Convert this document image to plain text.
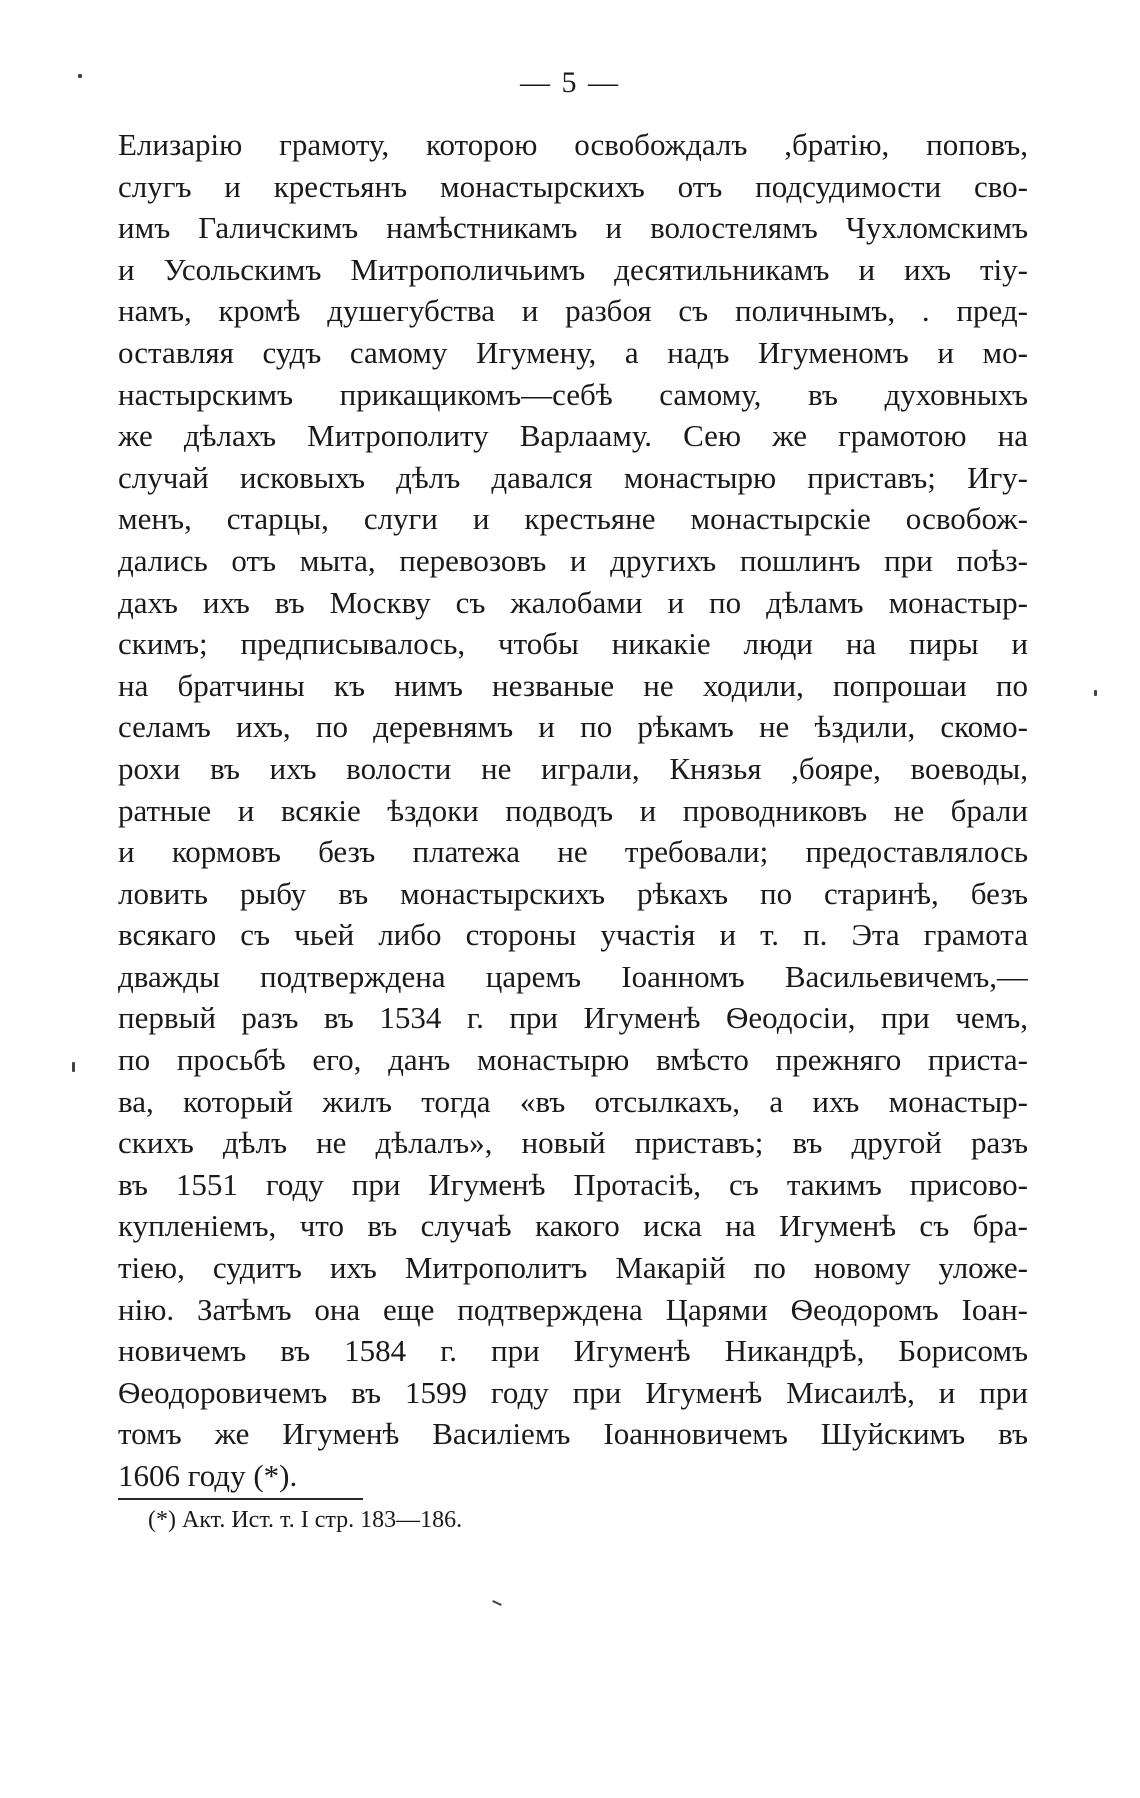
— 5 —
Елизарію грамоту, которою освобождалъ ,братію, поповъ,
слугъ и крестьянъ монастырскихъ отъ подсудимости сво-
имъ Галичскимъ намѣстникамъ и волостелямъ Чухломскимъ
и Усольскимъ Митрополичьимъ десятильникамъ и ихъ тіу-
намъ, кромѣ душегубства и разбоя съ поличнымъ, . пред-
оставляя судъ самому Игумену, а надъ Игуменомъ и мо-
настырскимъ прикащикомъ—себѣ самому, въ духовныхъ
же дѣлахъ Митрополиту Варлааму. Сею же грамотою на
случай исковыхъ дѣлъ давался монастырю приставъ; Игу-
менъ, старцы, слуги и крестьяне монастырскіе освобож-
дались отъ мыта, перевозовъ и другихъ пошлинъ при поѣз-
дахъ ихъ въ Москву съ жалобами и по дѣламъ монастыр-
скимъ; предписывалось, чтобы никакіе люди на пиры и
на братчины къ нимъ незваные не ходили, попрошаи по
селамъ ихъ, по деревнямъ и по рѣкамъ не ѣздили, скомо-
рохи въ ихъ волости не играли, Князья ,бояре, воеводы,
ратные и всякіе ѣздоки подводъ и проводниковъ не брали
и кормовъ безъ платежа не требовали; предоставлялось
ловить рыбу въ монастырскихъ рѣкахъ по старинѣ, безъ
всякаго съ чьей либо стороны участія и т. п. Эта грамота
дважды подтверждена царемъ Іоанномъ Васильевичемъ,—
первый разъ въ 1534 г. при Игуменѣ Ѳеодосіи, при чемъ,
по просьбѣ его, данъ монастырю вмѣсто прежняго пристa-
ва, который жилъ тогда «въ отсылкахъ, а ихъ монастыр-
скихъ дѣлъ не дѣлалъ», новый приставъ; въ другой разъ
въ 1551 году при Игуменѣ Протасіѣ, съ такимъ присово-
купленіемъ, что въ случаѣ какого иска на Игуменѣ съ бра-
тіею, судитъ ихъ Митрополитъ Макарій по новому уложе-
нію. Затѣмъ она еще подтверждена Царями Ѳеодоромъ Іоан-
новичемъ въ 1584 г. при Игуменѣ Никандрѣ, Борисомъ
Ѳеодоровичемъ въ 1599 году при Игуменѣ Мисаилѣ, и при
томъ же Игуменѣ Василіемъ Іоанновичемъ Шуйскимъ въ
1606 году (*).
(*) Акт. Ист. т. I стр. 183—186.
